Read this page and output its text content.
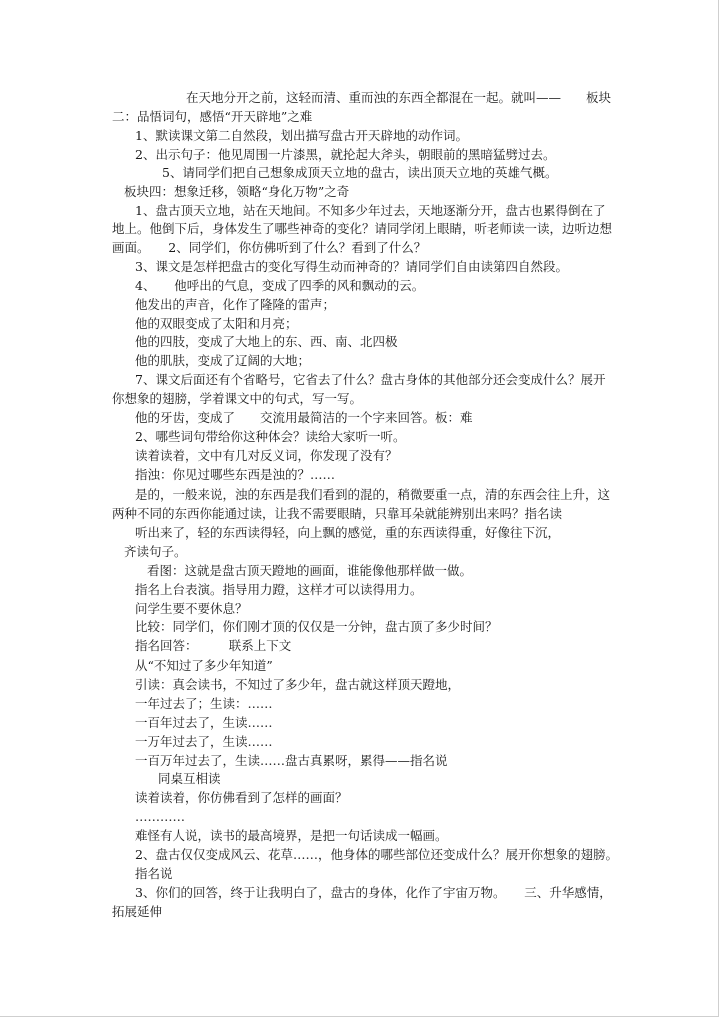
在天地分开之前，这轻而清、重而浊的东西全都混在一起。就叫——　　板块
二：品悟词句，感悟“开天辟地”之难
1、默读课文第二自然段，划出描写盘古开天辟地的动作词。
2、出示句子：他见周围一片漆黑，就抡起大斧头，朝眼前的黑暗猛劈过去。
5、请同学们把自己想象成顶天立地的盘古，读出顶天立地的英雄气概。
板块四：想象迁移，领略“身化万物”之奇
1、盘古顶天立地，站在天地间。不知多少年过去，天地逐渐分开，盘古也累得倒在了
地上。他倒下后，身体发生了哪些神奇的变化？请同学闭上眼睛，听老师读一读，边听边想
画面。　　2、同学们，你仿佛听到了什么？看到了什么？
3、课文是怎样把盘古的变化写得生动而神奇的？请同学们自由读第四自然段。
4、　　他呼出的气息，变成了四季的风和飘动的云。
他发出的声音，化作了隆隆的雷声；
他的双眼变成了太阳和月亮；
他的四肢，变成了大地上的东、西、南、北四极
他的肌肤，变成了辽阔的大地；
7、课文后面还有个省略号，它省去了什么？盘古身体的其他部分还会变成什么？展开
你想象的翅膀，学着课文中的句式，写一写。
他的牙齿，变成了　　交流用最简洁的一个字来回答。板：难
2、哪些词句带给你这种体会？读给大家听一听。
读着读着，文中有几对反义词，你发现了没有？
指浊：你见过哪些东西是浊的？……
是的，一般来说，浊的东西是我们看到的混的，稍微要重一点，清的东西会往上升，这
两种不同的东西你能通过读，让我不需要眼睛，只靠耳朵就能辨别出来吗？指名读
听出来了，轻的东西读得轻，向上飘的感觉，重的东西读得重，好像往下沉，
齐读句子。
看图：这就是盘古顶天蹬地的画面，谁能像他那样做一做。
指名上台表演。指导用力蹬，这样才可以读得用力。
问学生要不要休息？
比较：同学们，你们刚才顶的仅仅是一分钟，盘古顶了多少时间？
指名回答：　　　联系上下文
从“不知过了多少年知道”
引读：真会读书，不知过了多少年，盘古就这样顶天蹬地，
一年过去了；生读：……
一百年过去了，生读……
一万年过去了，生读……
一百万年过去了，生读……盘古真累呀，累得——指名说
同桌互相读
读着读着，你仿佛看到了怎样的画面？
…………
难怪有人说，读书的最高境界，是把一句话读成一幅画。
2、盘古仅仅变成风云、花草……，他身体的哪些部位还变成什么？展开你想象的翅膀。
指名说
3、你们的回答，终于让我明白了，盘古的身体，化作了宇宙万物。　　三、升华感情，
拓展延伸
